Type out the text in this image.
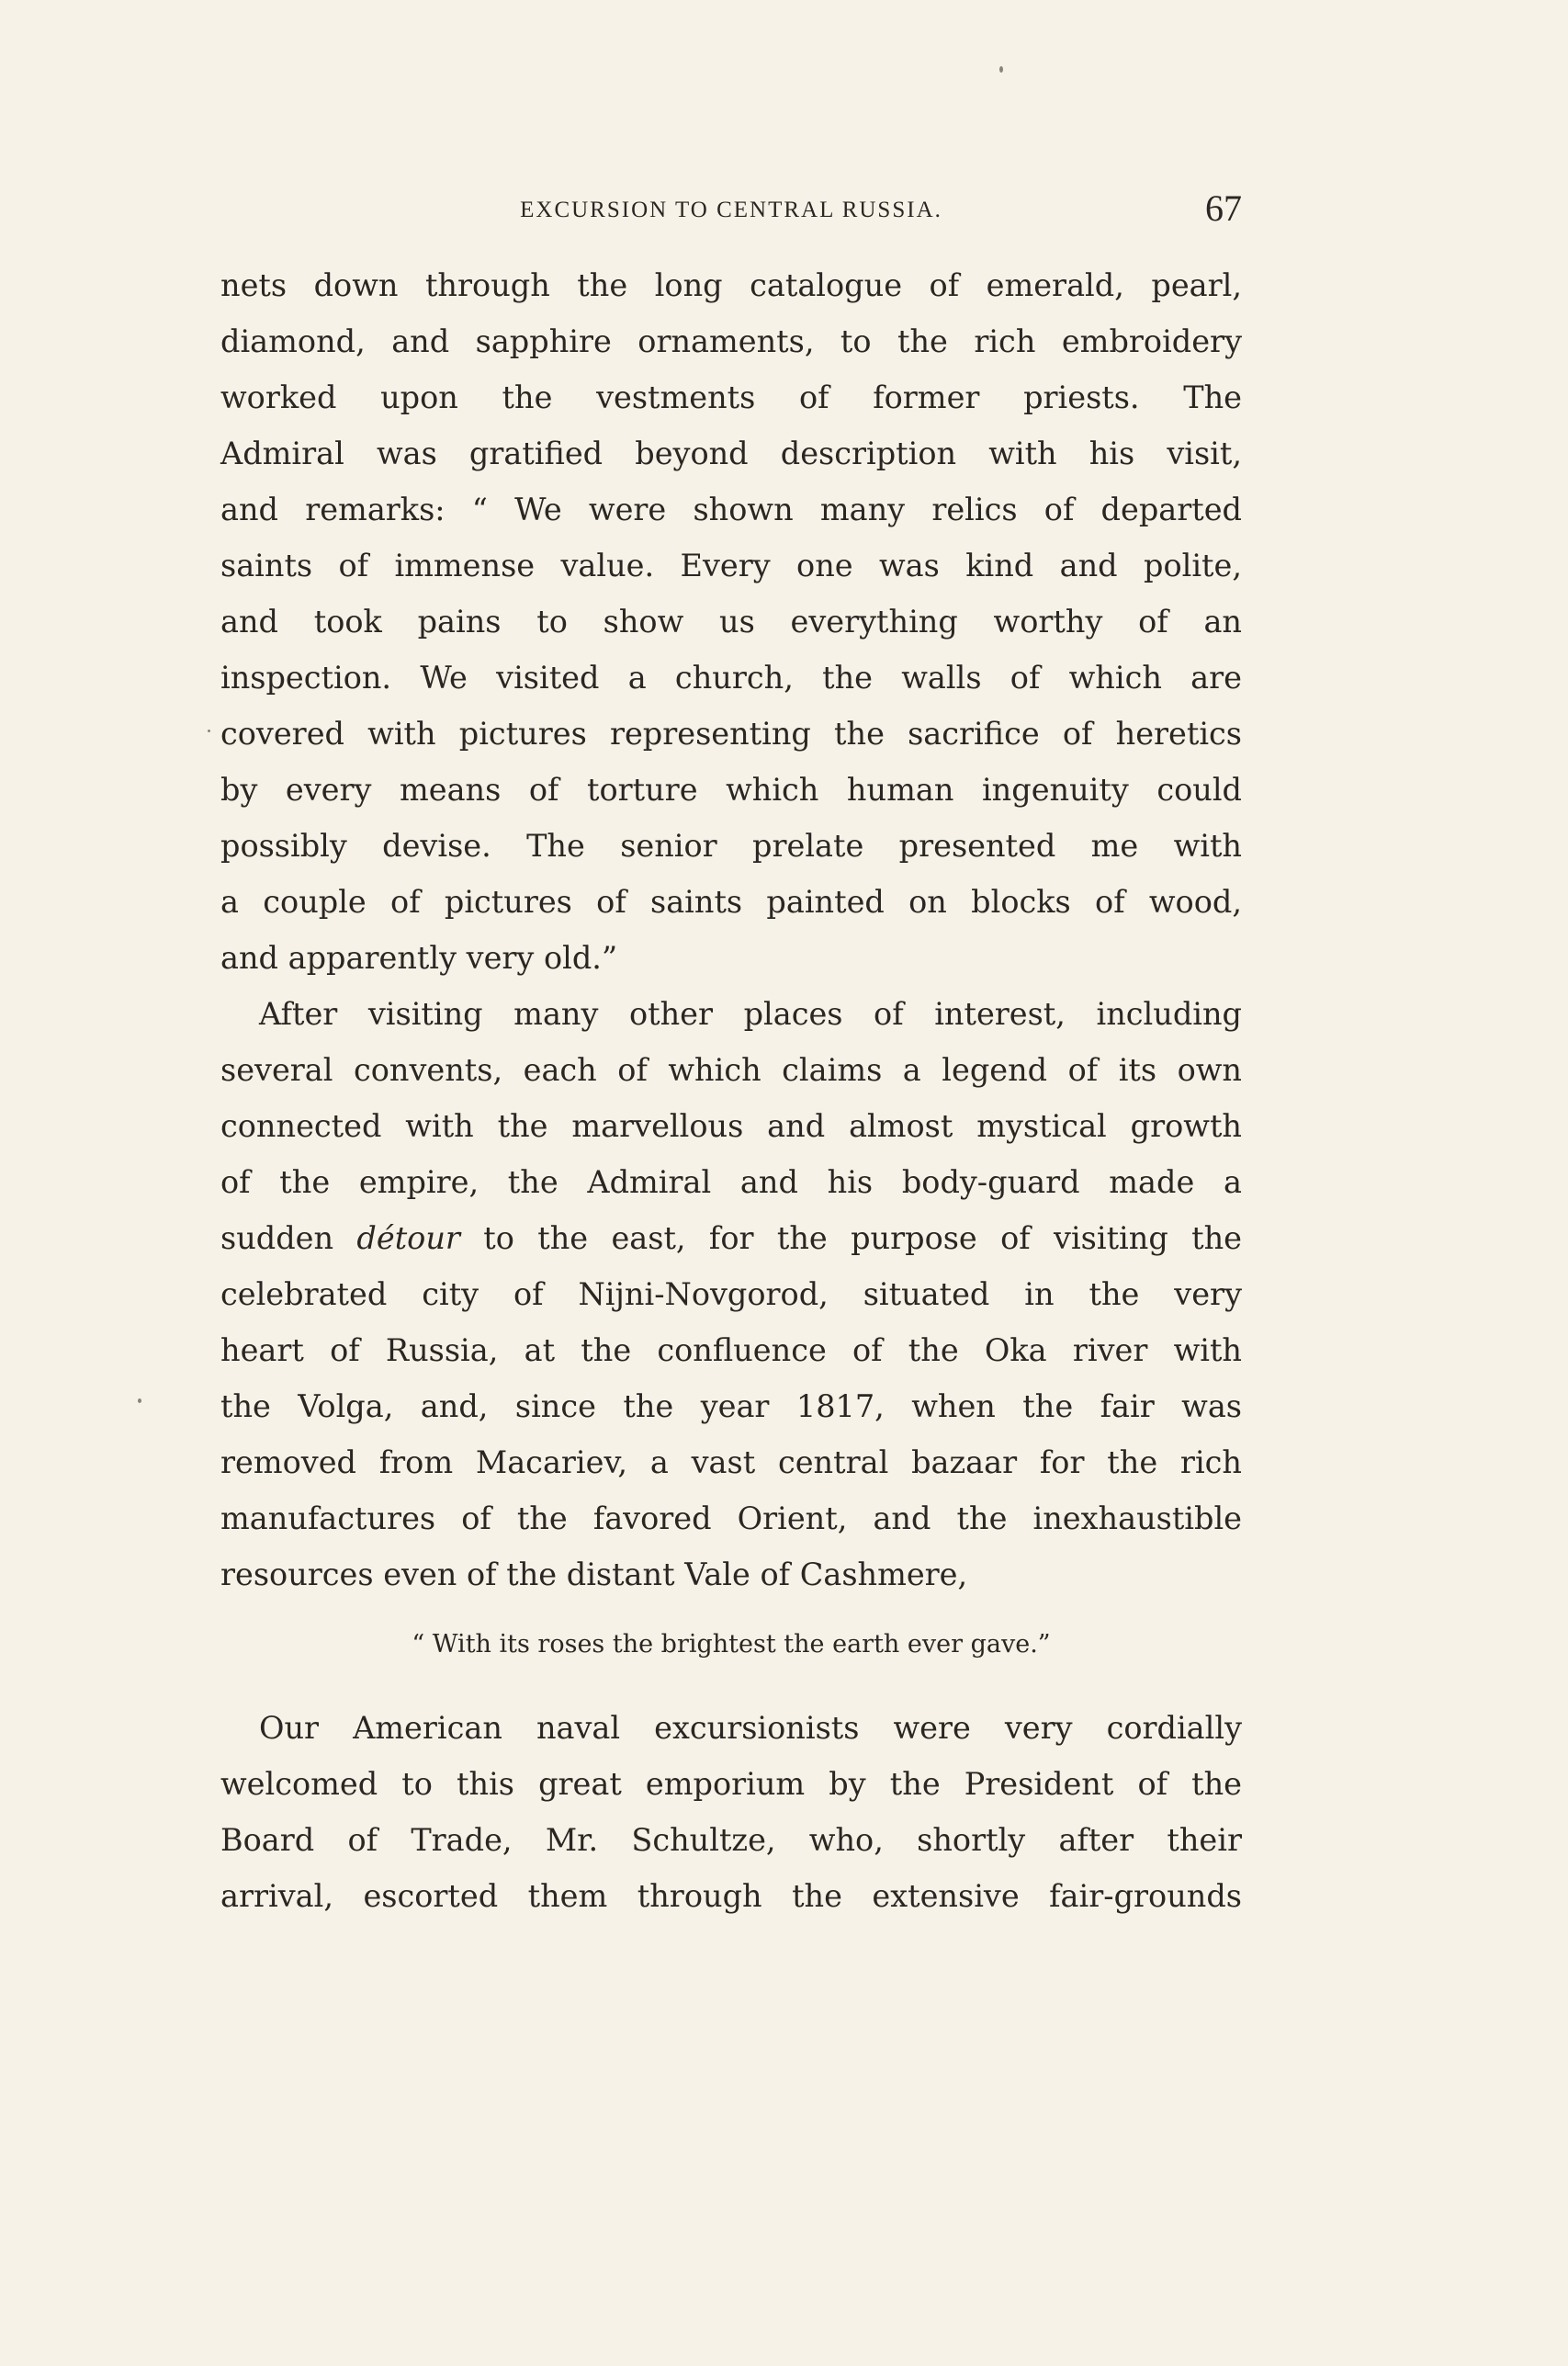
EXCURSION TO CENTRAL RUSSIA.	67
nets down through the long catalogue of emerald, pearl,
diamond, and sapphire ornaments, to the rich embroidery
worked upon the vestments of former priests. The
Admiral was gratified beyond description with his visit,
and remarks: “ We were shown many relics of departed
saints of immense value. Every one was kind and polite,
and took pains to show us everything worthy of an
inspection. We visited a church, the walls of which are
covered with pictures representing the sacrifice of heretics
by every means of torture which human ingenuity could
possibly devise. The senior prelate presented me with
a couple of pictures of saints painted on blocks of wood,
and apparently very old.”
After visiting many other places of interest, including
several convents, each of which claims a legend of its own
connected with the marvellous and almost mystical growth
of the empire, the Admiral and his body-guard made a
sudden détour to the east, for the purpose of visiting the
celebrated city of Nijni-Novgorod, situated in the very
heart of Russia, at the confluence of the Oka river with
the Volga, and, since the year 1817, when the fair was
removed from Macariev, a vast central bazaar for the rich
manufactures of the favored Orient, and the inexhaustible
resources even of the distant Vale of Cashmere,
“ With its roses the brightest the earth ever gave.”
Our American naval excursionists were very cordially
welcomed to this great emporium by the President of the
Board of Trade, Mr. Schultze, who, shortly after their
arrival, escorted them through the extensive fair-grounds
